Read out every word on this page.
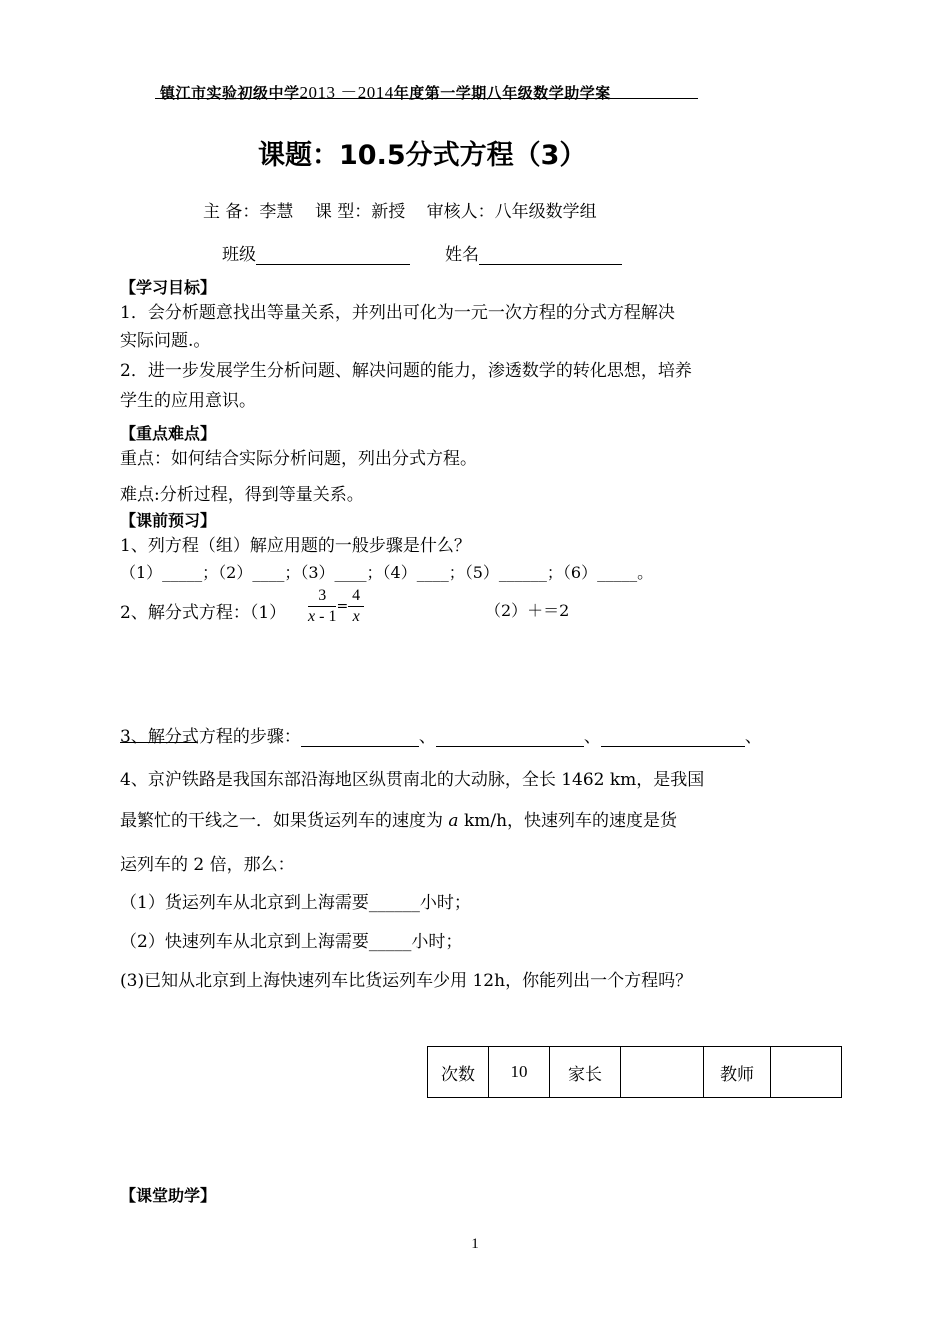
镇江市实验初级中学2013 －2014年度第一学期八年级数学助学案
课题：10.5分式方程（3）
主 备：李慧 课 型：新授 审核人：八年级数学组
班级	姓名
【学习目标】
1．会分析题意找出等量关系，并列出可化为一元一次方程的分式方程解决
实际问题.。
2．进一步发展学生分析问题、解决问题的能力，渗透数学的转化思想，培养
学生的应用意识。
【重点难点】
重点：如何结合实际分析问题，列出分式方程。
难点:分析过程，得到等量关系。
【课前预习】
1、列方程（组）解应用题的一般步骤是什么？
（1）_____；（2）____；（3）____；（4）____；（5）______；（6）_____。
2、解分式方程：$(1) \frac{3}{x - 1} = \frac{4}{x}$	（2）＋＝2
3、解分式方程的步骤：	、	、	、
4、京沪铁路是我国东部沿海地区纵贯南北的大动脉，全长 1462 km，是我国
最繁忙的干线之一．如果货运列车的速度为 a km/h，快速列车的速度是货
运列车的 2 倍，那么：
（1）货运列车从北京到上海需要______小时；
（2）快速列车从北京到上海需要_____小时；
(3)已知从北京到上海快速列车比货运列车少用 12h，你能列出一个方程吗？
次数	10	家长		教师	
【课堂助学】
1
